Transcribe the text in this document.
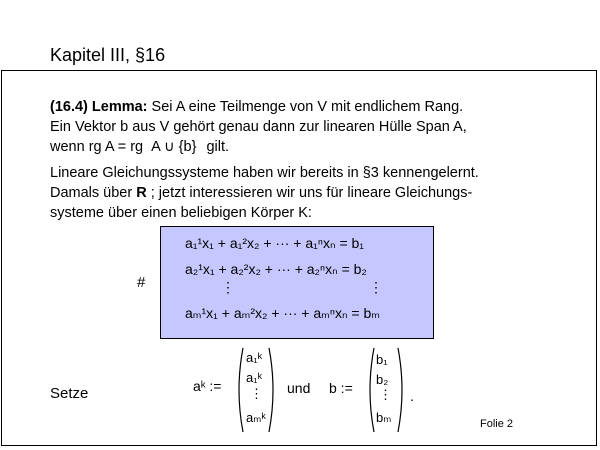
Kapitel III, §16
(16.4) Lemma: Sei A eine Teilmenge von V mit endlichem Rang.
Ein Vektor b aus V gehört genau dann zur linearen Hülle Span A,
wenn rg A = rg A ∪ {b} gilt.
Lineare Gleichungssysteme haben wir bereits in §3 kennengelernt.
Damals über R ; jetzt interessieren wir uns für lineare Gleichungs-
systeme über einen beliebigen Körper K:
#
a₁¹x₁ + a₁²x₂ + ··· + a₁ⁿxₙ = b₁
a₂¹x₁ + a₂²x₂ + ··· + a₂ⁿxₙ = b₂
⋮	⋮
aₘ¹x₁ + aₘ²x₂ + ··· + aₘⁿxₙ = bₘ
Setze	aᵏ :=
a₁ᵏ
a₁ᵏ
⋮
aₘᵏ
und b :=
b₁
b₂
⋮
bₘ
.
Folie 2
